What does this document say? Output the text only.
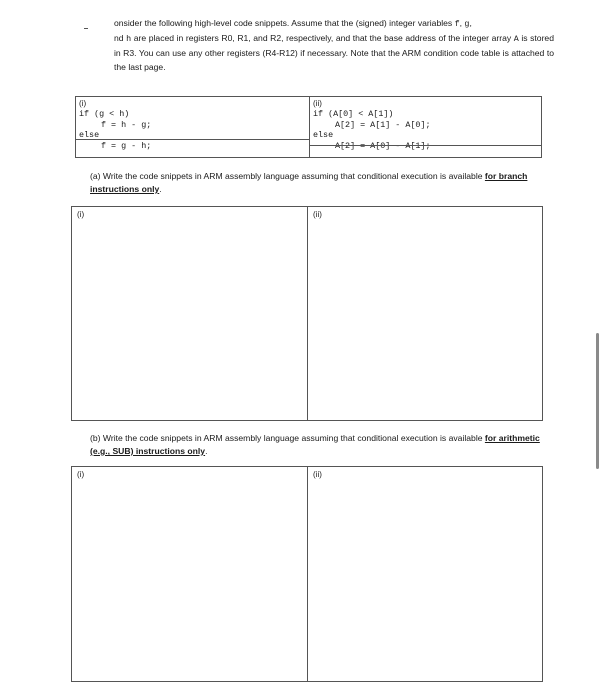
onsider the following high-level code snippets. Assume that the (signed) integer variables f, g,
nd h are placed in registers R0, R1, and R2, respectively, and that the base address of the integer array A is stored in R3. You can use any other registers (R4-R12) if necessary. Note that the ARM condition code table is attached to the last page.

(i)
if (g < h)
f = h - g;
else
f = g - h;
(ii)
if (A[0] < A[1])
A[2] = A[1] - A[0];
else
A[2] = A[0] - A[1];

(a) Write the code snippets in ARM assembly language assuming that conditional execution is available for branch instructions only.

(i)	(ii)

(b) Write the code snippets in ARM assembly language assuming that conditional execution is available for arithmetic (e.g., SUB) instructions only.

(i)	(ii)
